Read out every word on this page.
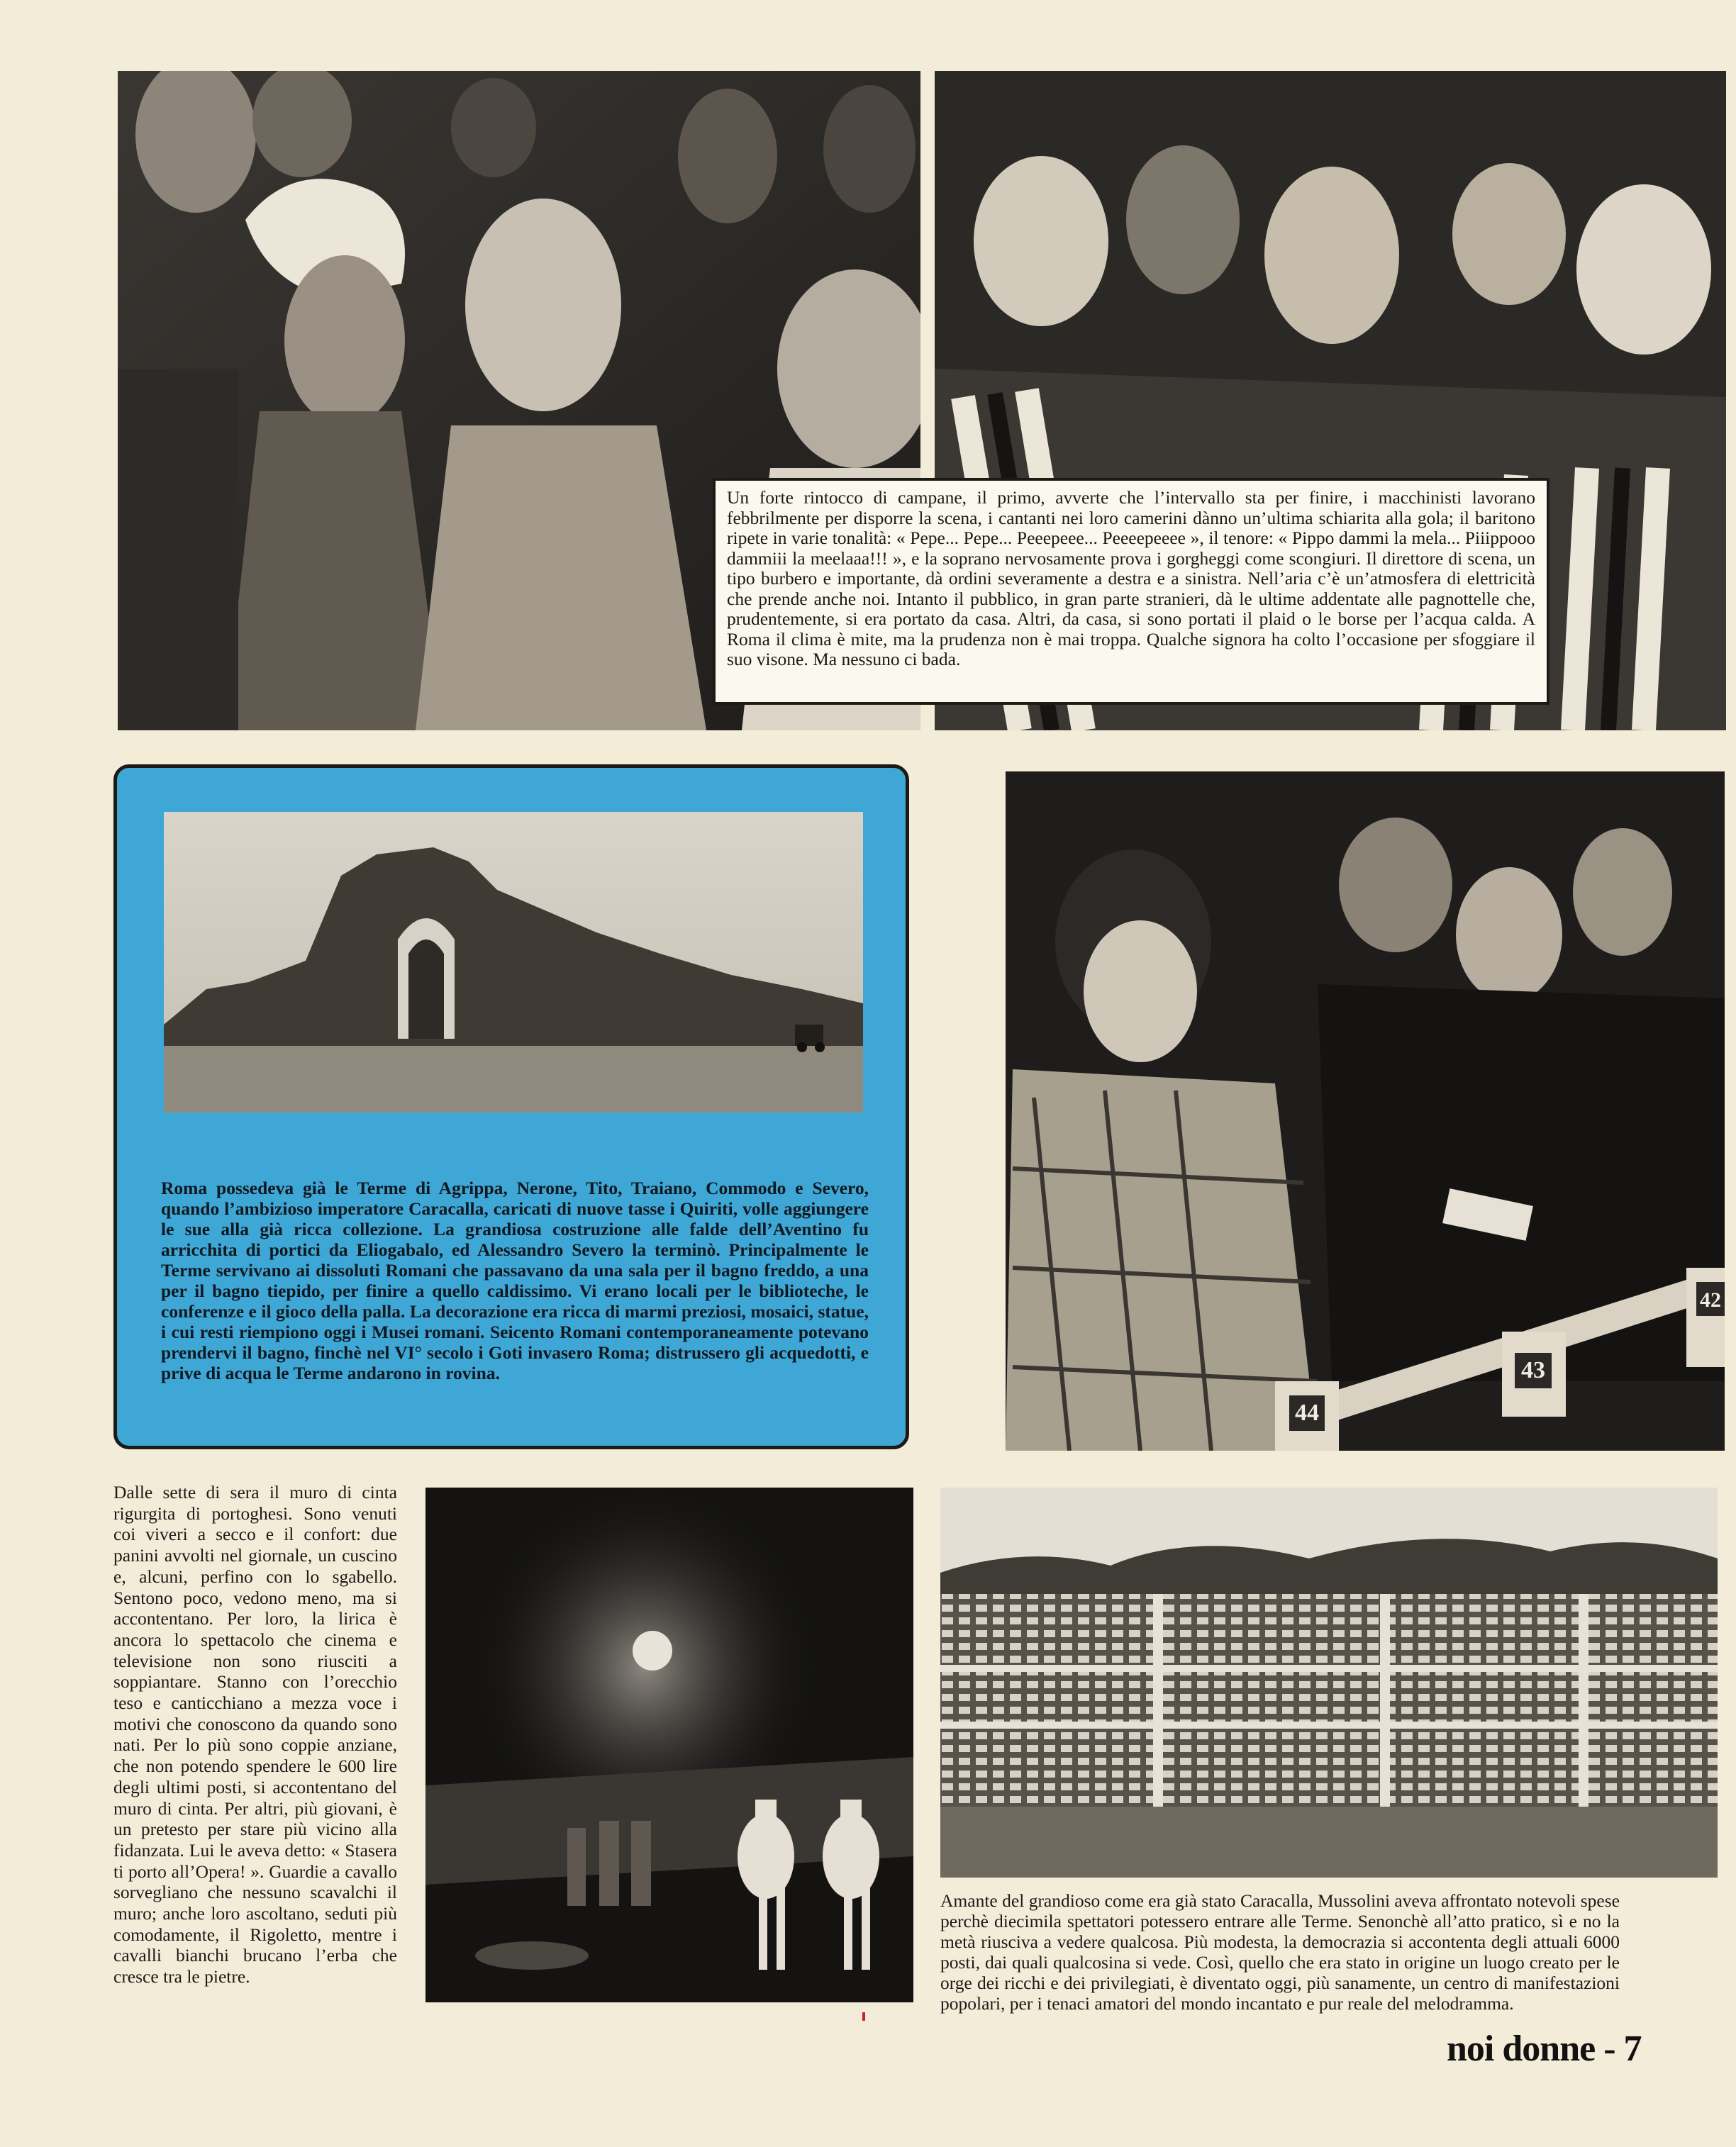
Un forte rintocco di campane, il primo, avverte che l’intervallo sta per finire, i macchinisti lavorano febbrilmente per disporre la scena, i cantanti nei loro camerini dànno un’ultima schiarita alla gola; il baritono ripete in varie tonalità: « Pepe... Pepe... Peeepeee... Peeeepeeee », il tenore: « Pippo dammi la mela... Piiippooo dammiii la meelaaa!!! », e la soprano nervosamente prova i gorgheggi come scongiuri. Il direttore di scena, un tipo burbero e importante, dà ordini severamente a destra e a sinistra. Nell’aria c’è un’atmosfera di elettricità che prende anche noi. Intanto il pubblico, in gran parte stranieri, dà le ultime addentate alle pagnottelle che, prudentemente, si era portato da casa. Altri, da casa, si sono portati il plaid o le borse per l’acqua calda. A Roma il clima è mite, ma la prudenza non è mai troppa. Qualche signora ha colto l’occasione per sfoggiare il suo visone. Ma nessuno ci bada.

Roma possedeva già le Terme di Agrippa, Nerone, Tito, Traiano, Commodo e Severo, quando l’ambizioso imperatore Caracalla, caricati di nuove tasse i Quiriti, volle aggiungere le sue alla già ricca collezione. La grandiosa costruzione alle falde dell’Aventino fu arricchita di portici da Eliogabalo, ed Alessandro Severo la terminò. Principalmente le Terme servivano ai dissoluti Romani che passavano da una sala per il bagno freddo, a una per il bagno tiepido, per finire a quello caldissimo. Vi erano locali per le biblioteche, le conferenze e il gioco della palla. La decorazione era ricca di marmi preziosi, mosaici, statue, i cui resti riempiono oggi i Musei romani. Seicento Romani contemporaneamente potevano prendervi il bagno, finchè nel VI° secolo i Goti invasero Roma; distrussero gli acquedotti, e prive di acqua le Terme andarono in rovina.

44
43
42

Dalle sette di sera il muro di cinta rigurgita di portoghesi. Sono venuti coi viveri a secco e il confort: due panini avvolti nel giornale, un cuscino e, alcuni, perfino con lo sgabello. Sentono poco, vedono meno, ma si accontentano. Per loro, la lirica è ancora lo spettacolo che cinema e televisione non sono riusciti a soppiantare. Stanno con l’orecchio teso e canticchiano a mezza voce i motivi che conoscono da quando sono nati. Per lo più sono coppie anziane, che non potendo spendere le 600 lire degli ultimi posti, si accontentano del muro di cinta. Per altri, più giovani, è un pretesto per stare più vicino alla fidanzata. Lui le aveva detto: « Stasera ti porto all’Opera! ». Guardie a cavallo sorvegliano che nessuno scavalchi il muro; anche loro ascoltano, seduti più comodamente, il Rigoletto, mentre i cavalli bianchi brucano l’erba che cresce tra le pietre.

Amante del grandioso come era già stato Caracalla, Mussolini aveva affrontato notevoli spese perchè diecimila spettatori potessero entrare alle Terme. Senonchè all’atto pratico, sì e no la metà riusciva a vedere qualcosa. Più modesta, la democrazia si accontenta degli attuali 6000 posti, dai quali qualcosina si vede. Così, quello che era stato in origine un luogo creato per le orge dei ricchi e dei privilegiati, è diventato oggi, più sanamente, un centro di manifestazioni popolari, per i tenaci amatori del mondo incantato e pur reale del melodramma.

noi donne - 7
